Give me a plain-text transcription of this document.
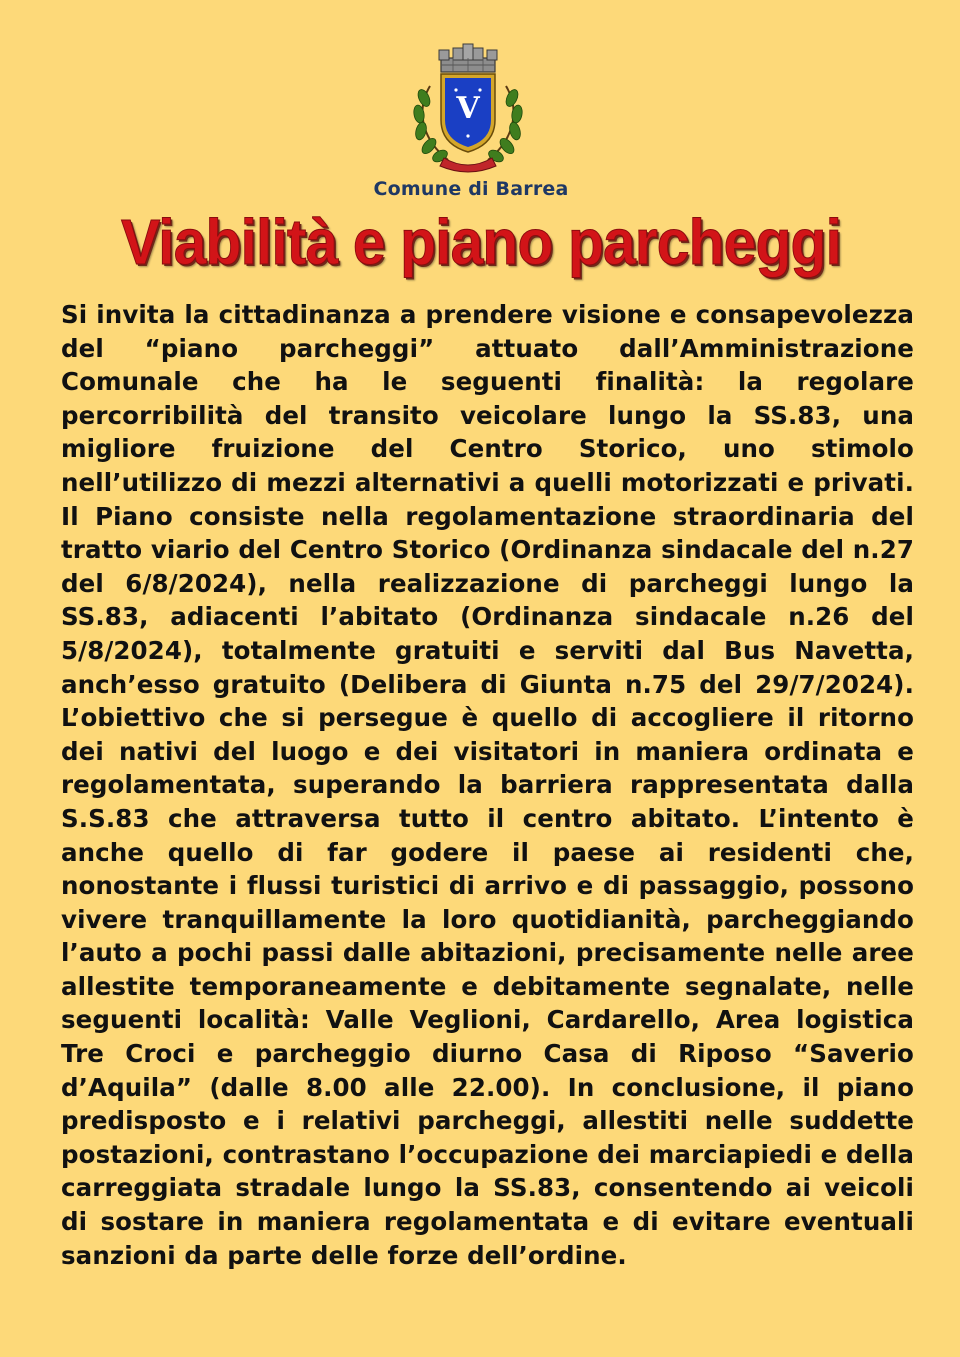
V
Comune di Barrea
Viabilità e piano parcheggi

Si invita la cittadinanza a prendere visione e consapevolezza del “piano parcheggi” attuato dall’Amministrazione Comunale che ha le seguenti finalità: la regolare percorribilità del transito veicolare lungo la SS.83, una migliore fruizione del Centro Storico, uno stimolo nell’utilizzo di mezzi alternativi a quelli motorizzati e privati. Il Piano consiste nella regolamentazione straordinaria del tratto viario del Centro Storico (Ordinanza sindacale del n.27 del 6/8/2024), nella realizzazione di parcheggi lungo la SS.83, adiacenti l’abitato (Ordinanza sindacale n.26 del 5/8/2024), totalmente gratuiti e serviti dal Bus Navetta, anch’esso gratuito (Delibera di Giunta n.75 del 29/7/2024). L’obiettivo che si persegue è quello di accogliere il ritorno dei nativi del luogo e dei visitatori in maniera ordinata e regolamentata, superando la barriera rappresentata dalla S.S.83 che attraversa tutto il centro abitato. L’intento è anche quello di far godere il paese ai residenti che, nonostante i flussi turistici di arrivo e di passaggio, possono vivere tranquillamente la loro quotidianità, parcheggiando l’auto a pochi passi dalle abitazioni, precisamente nelle aree allestite temporaneamente e debitamente segnalate, nelle seguenti località: Valle Veglioni, Cardarello, Area logistica Tre Croci e parcheggio diurno Casa di Riposo “Saverio d’Aquila” (dalle 8.00 alle 22.00). In conclusione, il piano predisposto e i relativi parcheggi, allestiti nelle suddette postazioni, contrastano l’occupazione dei marciapiedi e della carreggiata stradale lungo la SS.83, consentendo ai veicoli di sostare in maniera regolamentata e di evitare eventuali sanzioni da parte delle forze dell’ordine.
